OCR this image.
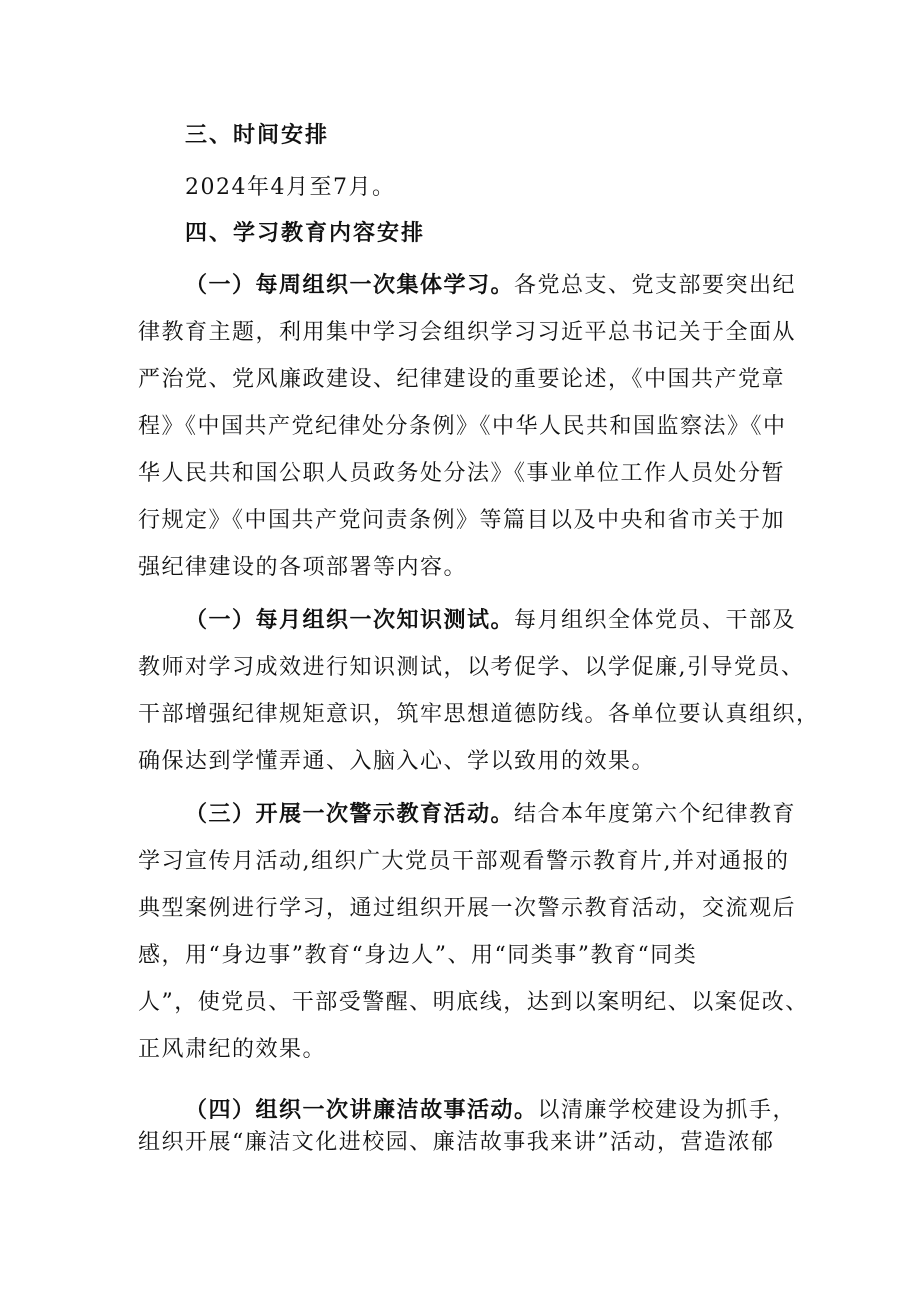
三、时间安排
2024年4月至7月。
四、学习教育内容安排
（一）每周组织一次集体学习。各党总支、党支部要突出纪
律教育主题，利用集中学习会组织学习习近平总书记关于全面从
严治党、党风廉政建设、纪律建设的重要论述，《中国共产党章
程》《中国共产党纪律处分条例》《中华人民共和国监察法》《中
华人民共和国公职人员政务处分法》《事业单位工作人员处分暂
行规定》《中国共产党问责条例》等篇目以及中央和省市关于加
强纪律建设的各项部署等内容。
（一）每月组织一次知识测试。每月组织全体党员、干部及
教师对学习成效进行知识测试，以考促学、以学促廉,引导党员、
干部增强纪律规矩意识，筑牢思想道德防线。各单位要认真组织，
确保达到学懂弄通、入脑入心、学以致用的效果。
（三）开展一次警示教育活动。结合本年度第六个纪律教育
学习宣传月活动,组织广大党员干部观看警示教育片,并对通报的
典型案例进行学习，通过组织开展一次警示教育活动，交流观后
感，用“身边事”教育“身边人”、用“同类事”教育“同类
人”，使党员、干部受警醒、明底线，达到以案明纪、以案促改、
正风肃纪的效果。
（四）组织一次讲廉洁故事活动。以清廉学校建设为抓手，
组织开展“廉洁文化进校园、廉洁故事我来讲”活动，营造浓郁
